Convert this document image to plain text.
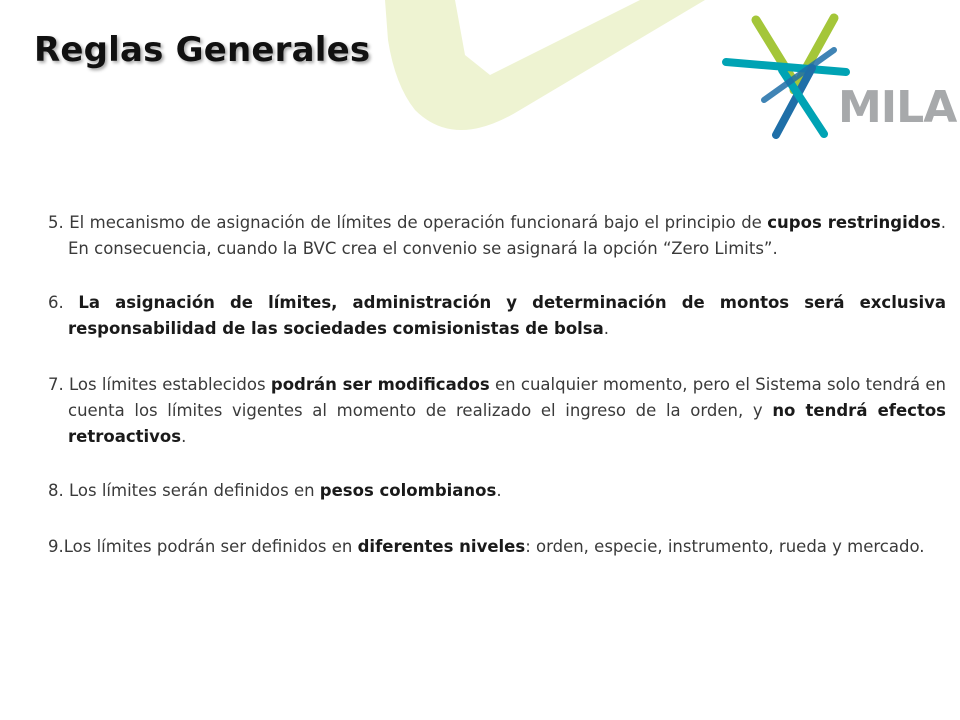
Reglas Generales
MILA

5. El mecanismo de asignación de límites de operación funcionará bajo el principio de cupos restringidos. En consecuencia, cuando la BVC crea el convenio se asignará la opción “Zero Limits”.

6. La asignación de límites, administración y determinación de montos será exclusiva responsabilidad de las sociedades comisionistas de bolsa.

7. Los límites establecidos podrán ser modificados en cualquier momento, pero el Sistema solo tendrá en cuenta los límites vigentes al momento de realizado el ingreso de la orden, y no tendrá efectos retroactivos.

8. Los límites serán definidos en pesos colombianos.

9.Los límites podrán ser definidos en diferentes niveles: orden, especie, instrumento, rueda y mercado.
